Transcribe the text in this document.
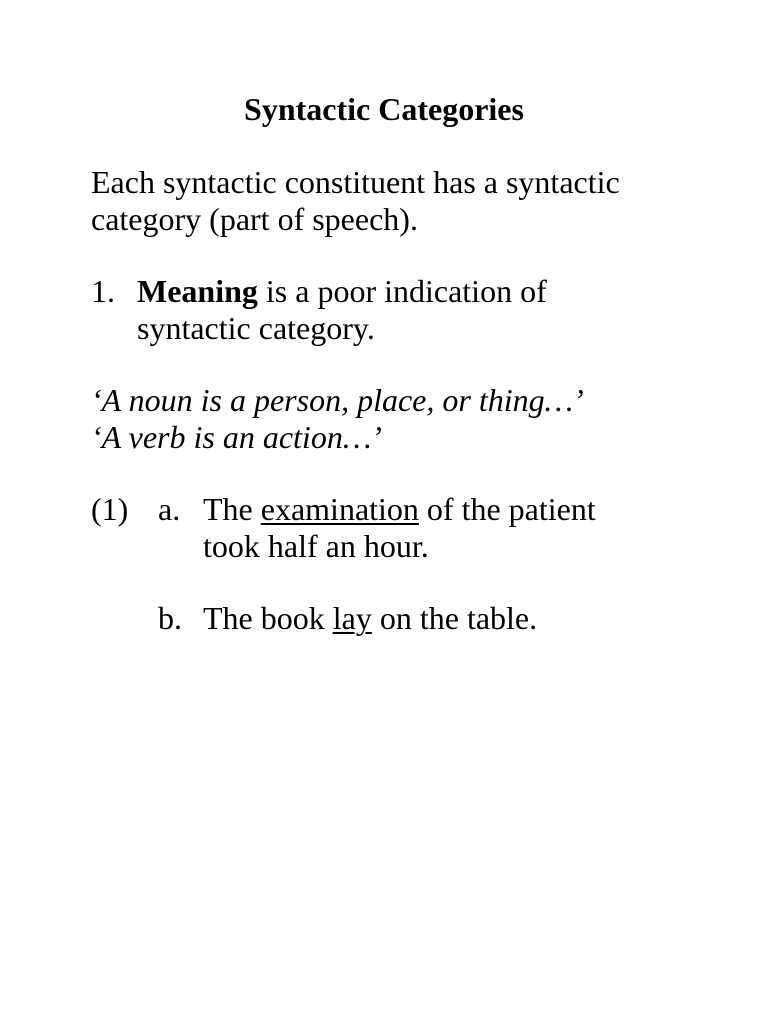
Syntactic Categories
Each syntactic constituent has a syntactic
category (part of speech).
1. Meaning is a poor indication of
syntactic category.
‘A noun is a person, place, or thing…’
‘A verb is an action…’
(1) a. The examination of the patient
took half an hour.
b. The book lay on the table.
